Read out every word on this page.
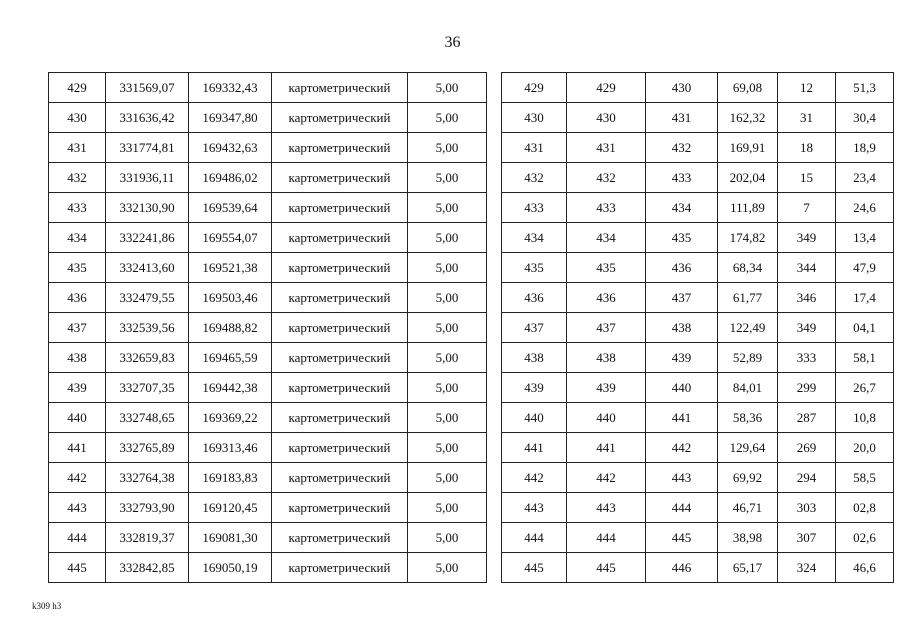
36
429	331569,07	169332,43	картометрический	5,00
430	331636,42	169347,80	картометрический	5,00
431	331774,81	169432,63	картометрический	5,00
432	331936,11	169486,02	картометрический	5,00
433	332130,90	169539,64	картометрический	5,00
434	332241,86	169554,07	картометрический	5,00
435	332413,60	169521,38	картометрический	5,00
436	332479,55	169503,46	картометрический	5,00
437	332539,56	169488,82	картометрический	5,00
438	332659,83	169465,59	картометрический	5,00
439	332707,35	169442,38	картометрический	5,00
440	332748,65	169369,22	картометрический	5,00
441	332765,89	169313,46	картометрический	5,00
442	332764,38	169183,83	картометрический	5,00
443	332793,90	169120,45	картометрический	5,00
444	332819,37	169081,30	картометрический	5,00
445	332842,85	169050,19	картометрический	5,00
429	429	430	69,08	12	51,3
430	430	431	162,32	31	30,4
431	431	432	169,91	18	18,9
432	432	433	202,04	15	23,4
433	433	434	111,89	7	24,6
434	434	435	174,82	349	13,4
435	435	436	68,34	344	47,9
436	436	437	61,77	346	17,4
437	437	438	122,49	349	04,1
438	438	439	52,89	333	58,1
439	439	440	84,01	299	26,7
440	440	441	58,36	287	10,8
441	441	442	129,64	269	20,0
442	442	443	69,92	294	58,5
443	443	444	46,71	303	02,8
444	444	445	38,98	307	02,6
445	445	446	65,17	324	46,6
k309 h3
